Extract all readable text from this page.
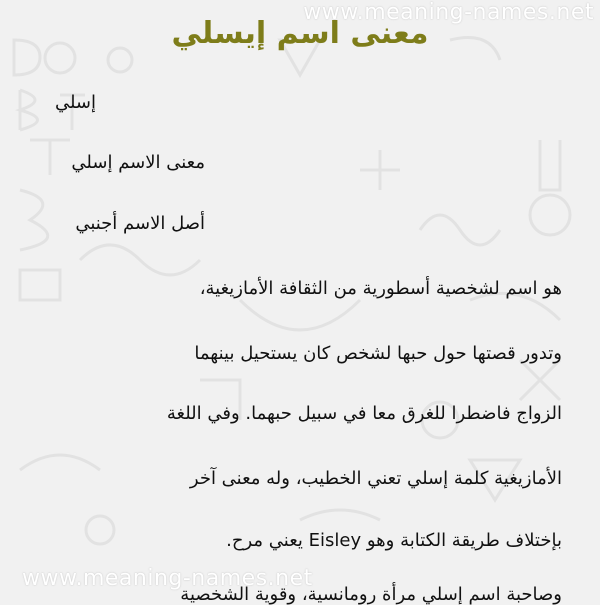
www.meaning-names.net
معنى اسم إيسلي
إسلي
معنى الاسم إسلي
أصل الاسم أجنبي
هو اسم لشخصية أسطورية من الثقافة الأمازيغية،
وتدور قصتها حول حبها لشخص كان يستحيل بينهما
الزواج فاضطرا للغرق معا في سبيل حبهما. وفي اللغة
الأمازيغية كلمة إسلي تعني الخطيب، وله معنى آخر
بإختلاف طريقة الكتابة وهو Eisley يعني مرح.
وصاحبة اسم إسلي مرأة رومانسية، وقوية الشخصية
www.meaning-names.net
